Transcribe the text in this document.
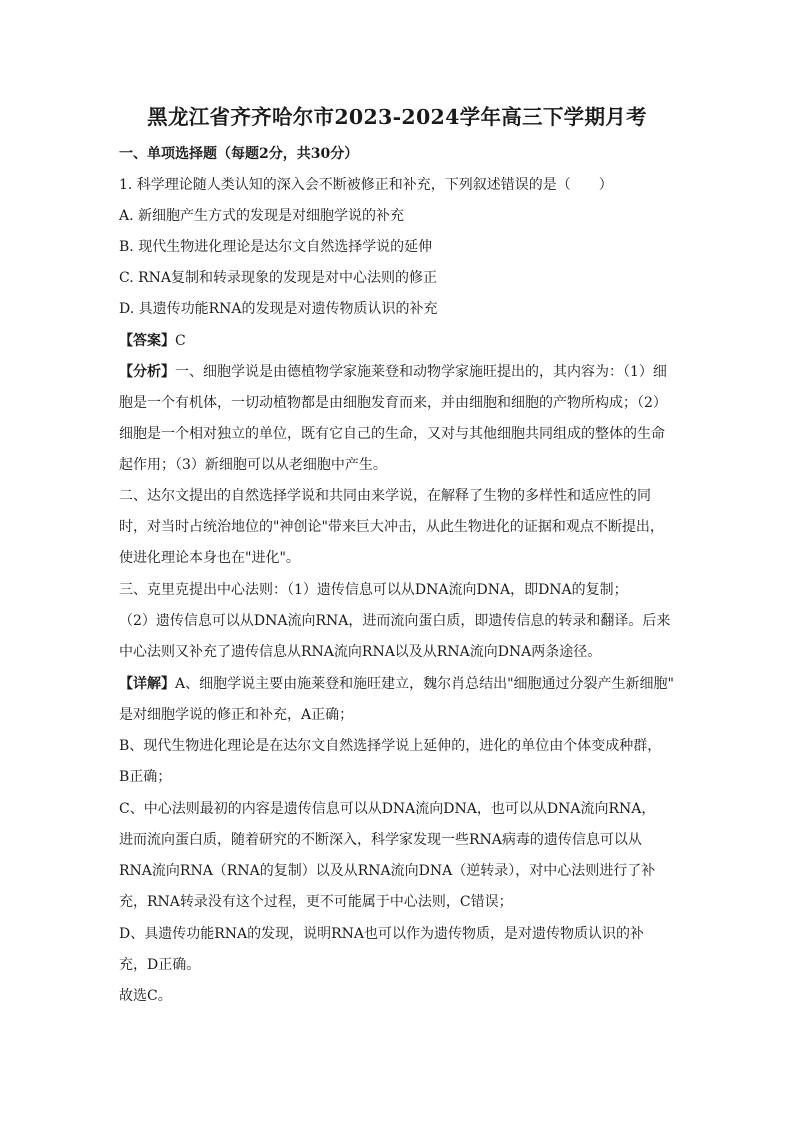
黑龙江省齐齐哈尔市2023-2024学年高三下学期月考
一、单项选择题（每题2分，共30分）
1. 科学理论随人类认知的深入会不断被修正和补充，下列叙述错误的是（　　）
A. 新细胞产生方式的发现是对细胞学说的补充
B. 现代生物进化理论是达尔文自然选择学说的延伸
C. RNA复制和转录现象的发现是对中心法则的修正
D. 具遗传功能RNA的发现是对遗传物质认识的补充
【答案】C
【分析】一、细胞学说是由德植物学家施莱登和动物学家施旺提出的，其内容为：（1）细
胞是一个有机体，一切动植物都是由细胞发育而来，并由细胞和细胞的产物所构成；（2）
细胞是一个相对独立的单位，既有它自己的生命，又对与其他细胞共同组成的整体的生命
起作用；（3）新细胞可以从老细胞中产生。
二、达尔文提出的自然选择学说和共同由来学说，在解释了生物的多样性和适应性的同
时，对当时占统治地位的"神创论"带来巨大冲击，从此生物进化的证据和观点不断提出，
使进化理论本身也在"进化"。
三、克里克提出中心法则：（1）遗传信息可以从DNA流向DNA，即DNA的复制；
（2）遗传信息可以从DNA流向RNA，进而流向蛋白质，即遗传信息的转录和翻译。后来
中心法则又补充了遗传信息从RNA流向RNA以及从RNA流向DNA两条途径。
【详解】A、细胞学说主要由施莱登和施旺建立，魏尔肖总结出"细胞通过分裂产生新细胞"
是对细胞学说的修正和补充，A正确；
B、现代生物进化理论是在达尔文自然选择学说上延伸的，进化的单位由个体变成种群，
B正确；
C、中心法则最初的内容是遗传信息可以从DNA流向DNA，也可以从DNA流向RNA，
进而流向蛋白质，随着研究的不断深入，科学家发现一些RNA病毒的遗传信息可以从
RNA流向RNA（RNA的复制）以及从RNA流向DNA（逆转录），对中心法则进行了补
充，RNA转录没有这个过程，更不可能属于中心法则，C错误；
D、具遗传功能RNA的发现，说明RNA也可以作为遗传物质，是对遗传物质认识的补
充，D正确。
故选C。
